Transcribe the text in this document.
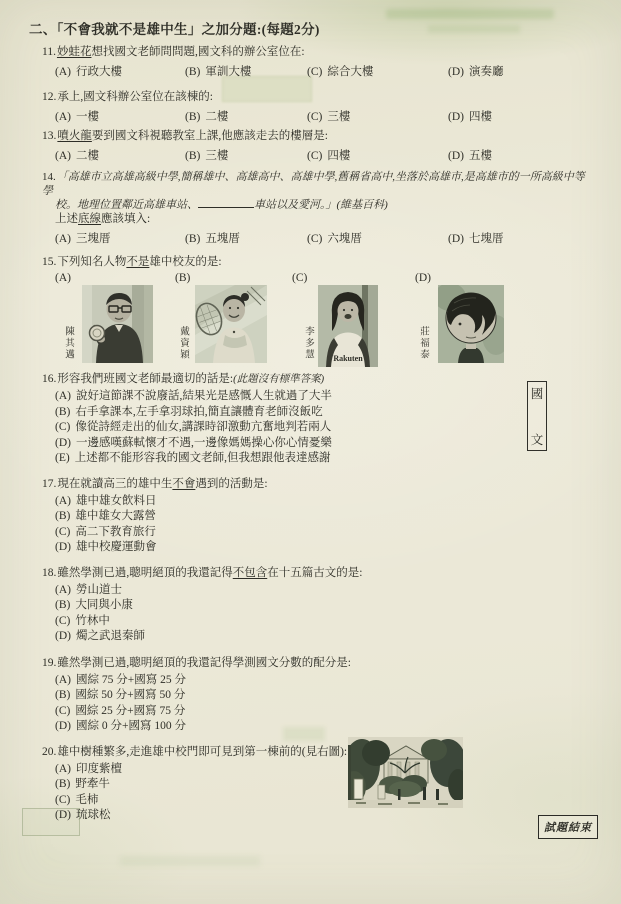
二、「不會我就不是雄中生」之加分題:(每題2分)

11.妙蛙花想找國文老師問問題,國文科的辦公室位在:

(A) 行政大樓	(B) 軍訓大樓	(C) 綜合大樓	(D) 演奏廳

12.承上,國文科辦公室位在該棟的:

(A) 一樓	(B) 二樓	(C) 三樓	(D) 四樓

13.噴火龍要到國文科視聽教室上課,他應該走去的樓層是:

(A) 二樓	(B) 三樓	(C) 四樓	(D) 五樓

14.「高雄市立高雄高級中學,簡稱雄中、高雄高中、高雄中學,舊稱省高中,坐落於高雄市,是高雄市的一所高級中等學
校。地理位置鄰近高雄車站、	車站以及愛河。」(維基百科)

上述底線應該填入:

(A) 三塊厝	(B) 五塊厝	(C) 六塊厝	(D) 七塊厝

15.下列知名人物不是雄中校友的是:

(A)	(B)	(C)	(D)
陳其邁	戴資穎	李多慧	莊福泰
Rakuten

16.形容我們班國文老師最適切的話是:(此題沒有標準答案)

(A) 說好這節課不說廢話,結果光是感慨人生就過了大半
(B) 右手拿課本,左手拿羽球拍,簡直讓體育老師沒飯吃
(C) 像從詩經走出的仙女,講課時卻激動亢奮地判若兩人
(D) 一邊感嘆蘇軾懷才不遇,一邊像媽媽操心你心情憂樂
(E) 上述都不能形容我的國文老師,但我想跟他表達感謝

17.現在就讀高三的雄中生不會遇到的活動是:

(A) 雄中雄女飲料日
(B) 雄中雄女大露營
(C) 高二下教育旅行
(D) 雄中校慶運動會

18.雖然學測已過,聰明絕頂的我還記得不包含在十五篇古文的是:

(A) 勞山道士
(B) 大同與小康
(C) 竹林中
(D) 燭之武退秦師

19.雖然學測已過,聰明絕頂的我還記得學測國文分數的配分是:

(A) 國綜 75 分+國寫 25 分
(B) 國綜 50 分+國寫 50 分
(C) 國綜 25 分+國寫 75 分
(D) 國綜 0 分+國寫 100 分

20.雄中樹種繁多,走進雄中校門即可見到第一棟前的(見右圖):

(A) 印度紫檀
(B) 野牽牛
(C) 毛柿
(D) 琉球松
國
文
試題結束
